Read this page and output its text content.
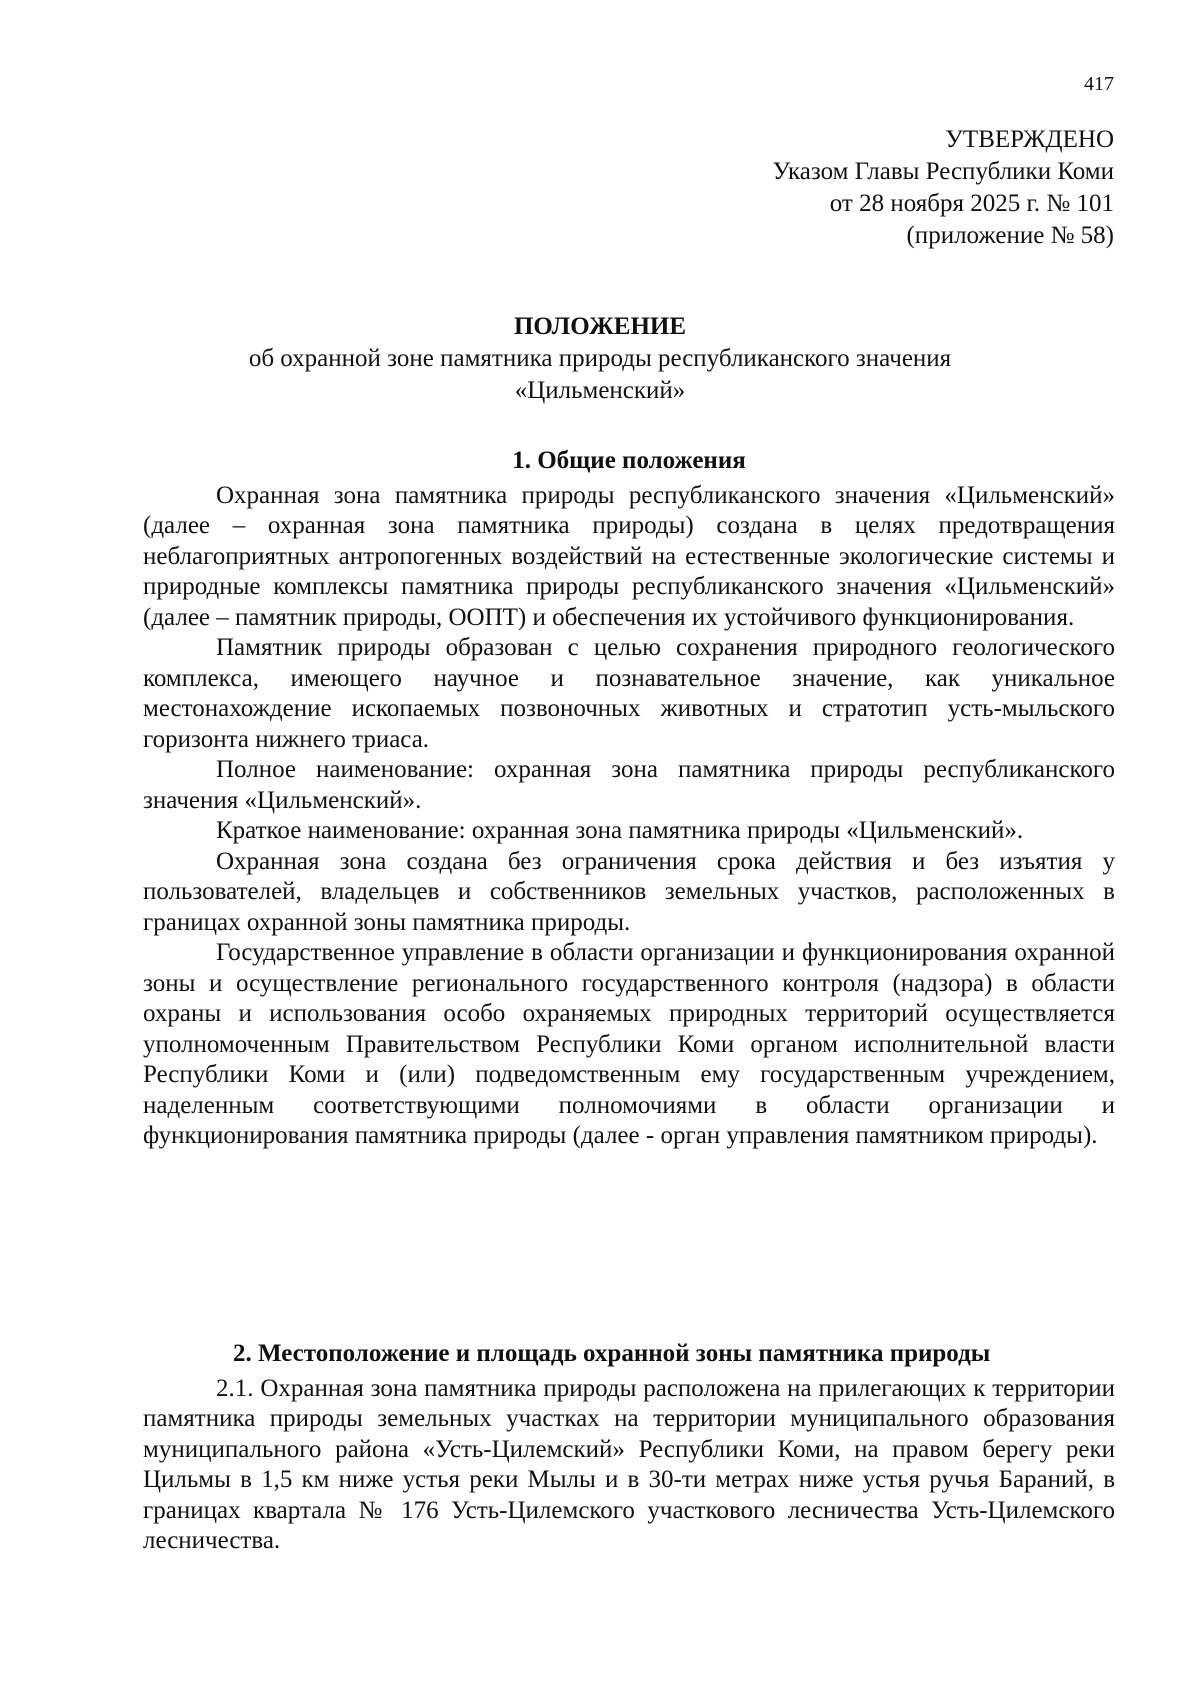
417
УТВЕРЖДЕНО
Указом Главы Республики Коми
от 28 ноября 2025 г. № 101
(приложение № 58)
ПОЛОЖЕНИЕ
об охранной зоне памятника природы республиканского значения
«Цильменский»
1. Общие положения

Охранная зона памятника природы республиканского значения «Цильменский» (далее – охранная зона памятника природы) создана в целях предотвращения неблагоприятных антропогенных воздействий на естественные экологические системы и природные комплексы памятника природы республиканского значения «Цильменский» (далее – памятник природы, ООПТ) и обеспечения их устойчивого функционирования.

Памятник природы образован с целью сохранения природного геологического комплекса, имеющего научное и познавательное значение, как уникальное местонахождение ископаемых позвоночных животных и стратотип усть-мыльского горизонта нижнего триаса.

Полное наименование: охранная зона памятника природы республиканского значения «Цильменский».

Краткое наименование: охранная зона памятника природы «Цильменский».

Охранная зона создана без ограничения срока действия и без изъятия у пользователей, владельцев и собственников земельных участков, расположенных в границах охранной зоны памятника природы.

Государственное управление в области организации и функционирования охранной зоны и осуществление регионального государственного контроля (надзора) в области охраны и использования особо охраняемых природных территорий осуществляется уполномоченным Правительством Республики Коми органом исполнительной власти Республики Коми и (или) подведомственным ему государственным учреждением, наделенным соответствующими полномочиями в области организации и функционирования памятника природы (далее - орган управления памятником природы).

2. Местоположение и площадь охранной зоны памятника природы

2.1. Охранная зона памятника природы расположена на прилегающих к территории памятника природы земельных участках на территории муниципального образования муниципального района «Усть-Цилемский» Республики Коми, на правом берегу реки Цильмы в 1,5 км ниже устья реки Мылы и в 30-ти метрах ниже устья ручья Бараний, в границах квартала № 176 Усть-Цилемского участкового лесничества Усть-Цилемского лесничества.
